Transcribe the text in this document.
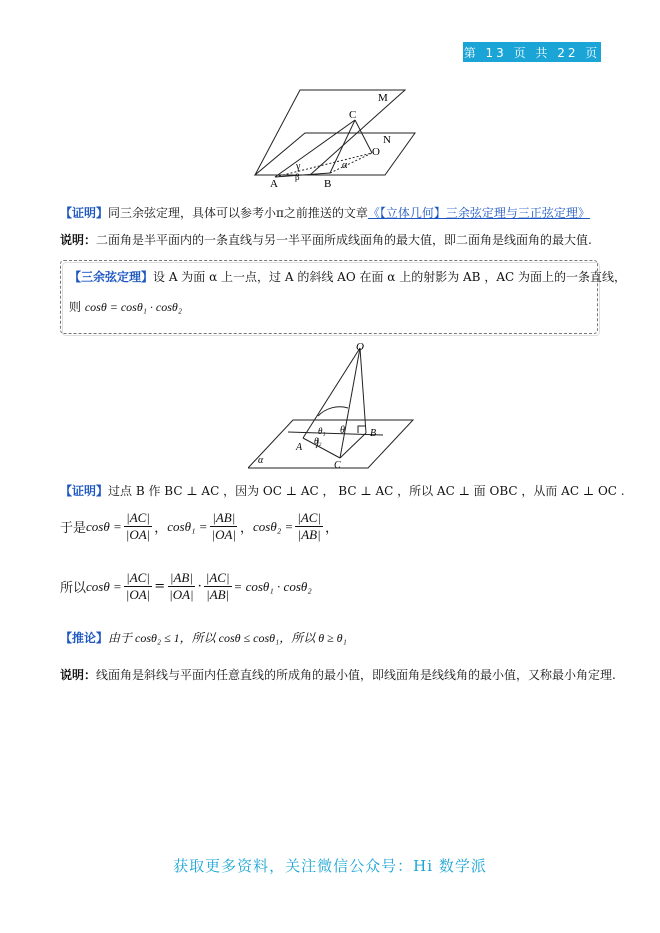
第 13 页 共 22 页
M
N
C
O
A	B
γ
β
α
【证明】同三余弦定理，具体可以参考小π之前推送的文章《【立体几何】三余弦定理与三正弦定理》
说明：二面角是半平面内的一条直线与另一半平面所成线面角的最大值，即二面角是线面角的最大值.
【三余弦定理】设 A 为面 α 上一点，过 A 的斜线 AO 在面 α 上的射影为 AB ，AC 为面上的一条直线，
则 cosθ = cosθ₁ · cosθ₂
O
A
B
C
α
θ
θ₁
θ₂
【证明】过点 B 作 BC ⊥ AC ，因为 OC ⊥ AC ， BC ⊥ AC ，所以 AC ⊥ 面 OBC ，从而 AC ⊥ OC .
于是 $\cos\theta = \frac{|AC|}{|OA|}$ ， $\cos\theta_1 = \frac{|AB|}{|OA|}$ ， $\cos\theta_2 = \frac{|AC|}{|AB|}$ ，
所以 $\cos\theta = \frac{|AC|}{|OA|} = \frac{|AB|}{|OA|} \cdot \frac{|AC|}{|AB|} = \cos\theta_1 \cdot \cos\theta_2$
【推论】由于 cosθ₂ ≤ 1，所以 cosθ ≤ cosθ₁，所以 θ ≥ θ₁
说明：线面角是斜线与平面内任意直线的所成角的最小值，即线面角是线线角的最小值，又称最小角定理.
获取更多资料，关注微信公众号：Hi 数学派
